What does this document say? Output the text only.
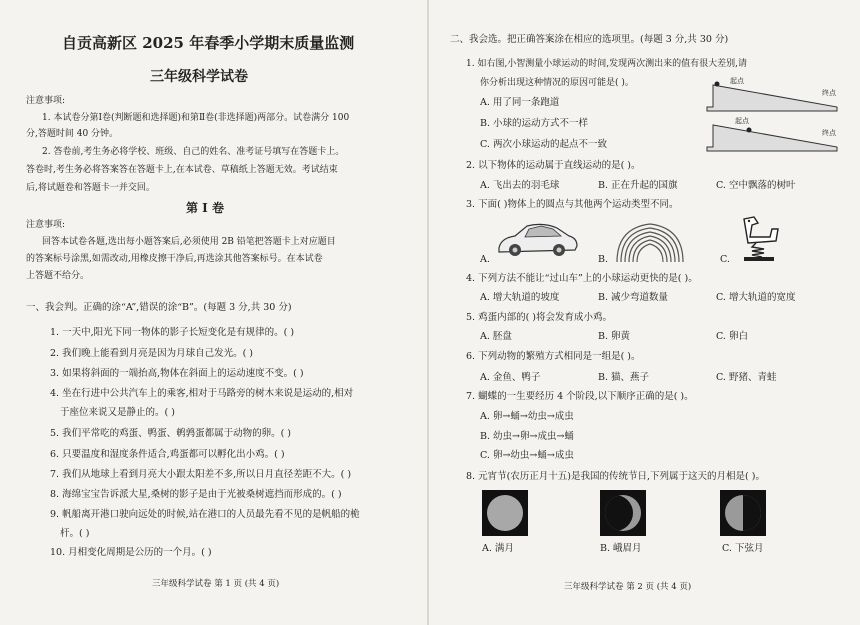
自贡高新区 2025 年春季小学期末质量监测
三年级科学试卷
注意事项:
1. 本试卷分第Ⅰ卷(判断题和选择题)和第Ⅱ卷(非选择题)两部分。试卷满分 100
分,答题时间 40 分钟。
2. 答卷前,考生务必将学校、班级、自己的姓名、准考证号填写在答题卡上。
答卷时,考生务必将答案答在答题卡上,在本试卷、草稿纸上答题无效。考试结束
后,将试题卷和答题卡一并交回。
第 Ⅰ 卷
注意事项:
回答本试卷各题,选出每小题答案后,必须使用 2B 铅笔把答题卡上对应题目
的答案标号涂黑,如需改动,用橡皮擦干净后,再选涂其他答案标号。在本试卷
上答题不给分。
一、我会判。正确的涂“A”,错误的涂“B”。(每题 3 分,共 30 分)
1. 一天中,阳光下同一物体的影子长短变化是有规律的。( )
2. 我们晚上能看到月亮是因为月球自己发光。( )
3. 如果将斜面的一端抬高,物体在斜面上的运动速度不变。( )
4. 坐在行进中公共汽车上的乘客,相对于马路旁的树木来说是运动的,相对
于座位来说又是静止的。( )
5. 我们平常吃的鸡蛋、鸭蛋、鹌鹑蛋都属于动物的卵。( )
6. 只要温度和湿度条件适合,鸡蛋都可以孵化出小鸡。( )
7. 我们从地球上看到月亮大小跟太阳差不多,所以日月直径差距不大。( )
8. 海绵宝宝告诉派大星,桑树的影子是由于光被桑树遮挡而形成的。( )
9. 帆船离开港口驶向远处的时候,站在港口的人员最先看不见的是帆船的桅
杆。( )
10. 月相变化周期是公历的一个月。( )
三年级科学试卷 第 1 页 (共 4 页)
二、我会选。把正确答案涂在相应的选项里。(每题 3 分,共 30 分)
1. 如右图,小智测量小球运动的时间,发现两次测出来的值有很大差别,请
你分析出现这种情况的原因可能是( )。
A. 用了同一条跑道
B. 小球的运动方式不一样
C. 两次小球运动的起点不一致
起点
终点
起点
终点
2. 以下物体的运动属于直线运动的是( )。
A. 飞出去的羽毛球	B. 正在升起的国旗	C. 空中飘落的树叶
3. 下面( )物体上的圆点与其他两个运动类型不同。
A.	B.	C.
4. 下列方法不能让“过山车”上的小球运动更快的是( )。
A. 增大轨道的坡度	B. 减少弯道数量	C. 增大轨道的宽度
5. 鸡蛋内部的( )将会发育成小鸡。
A. 胚盘	B. 卵黄	C. 卵白
6. 下列动物的繁殖方式相同是一组是( )。
A. 金鱼、鸭子	B. 猫、燕子	C. 野猪、青蛙
7. 蝴蝶的一生要经历 4 个阶段,以下顺序正确的是( )。
A. 卵→蛹→幼虫→成虫
B. 幼虫→卵→成虫→蛹
C. 卵→幼虫→蛹→成虫
8. 元宵节(农历正月十五)是我国的传统节日,下列属于这天的月相是( )。
A. 满月	B. 峨眉月	C. 下弦月
三年级科学试卷 第 2 页 (共 4 页)
